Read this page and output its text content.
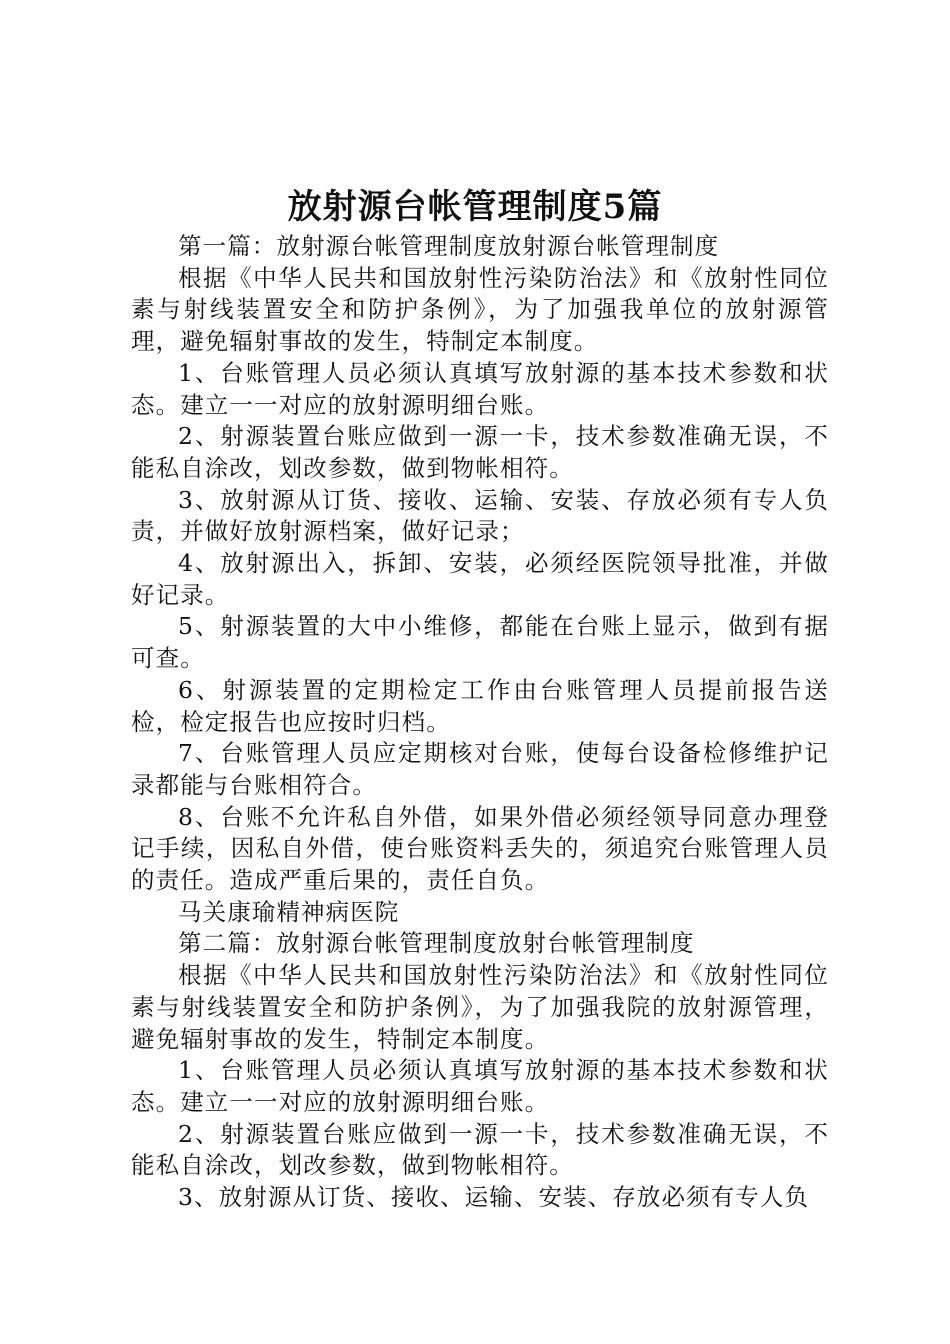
放射源台帐管理制度5篇

第一篇：放射源台帐管理制度放射源台帐管理制度

根据《中华人民共和国放射性污染防治法》和《放射性同位素与射线装置安全和防护条例》，为了加强我单位的放射源管理，避免辐射事故的发生，特制定本制度。

1、台账管理人员必须认真填写放射源的基本技术参数和状态。建立一一对应的放射源明细台账。

2、射源装置台账应做到一源一卡，技术参数准确无误，不能私自涂改，划改参数，做到物帐相符。

3、放射源从订货、接收、运输、安装、存放必须有专人负责，并做好放射源档案，做好记录；

4、放射源出入，拆卸、安装，必须经医院领导批准，并做好记录。

5、射源装置的大中小维修，都能在台账上显示，做到有据可查。

6、射源装置的定期检定工作由台账管理人员提前报告送检，检定报告也应按时归档。

7、台账管理人员应定期核对台账，使每台设备检修维护记录都能与台账相符合。

8、台账不允许私自外借，如果外借必须经领导同意办理登记手续，因私自外借，使台账资料丢失的，须追究台账管理人员的责任。造成严重后果的，责任自负。

马关康瑜精神病医院

第二篇：放射源台帐管理制度放射台帐管理制度

根据《中华人民共和国放射性污染防治法》和《放射性同位素与射线装置安全和防护条例》，为了加强我院的放射源管理，避免辐射事故的发生，特制定本制度。

1、台账管理人员必须认真填写放射源的基本技术参数和状态。建立一一对应的放射源明细台账。

2、射源装置台账应做到一源一卡，技术参数准确无误，不能私自涂改，划改参数，做到物帐相符。

3、放射源从订货、接收、运输、安装、存放必须有专人负
